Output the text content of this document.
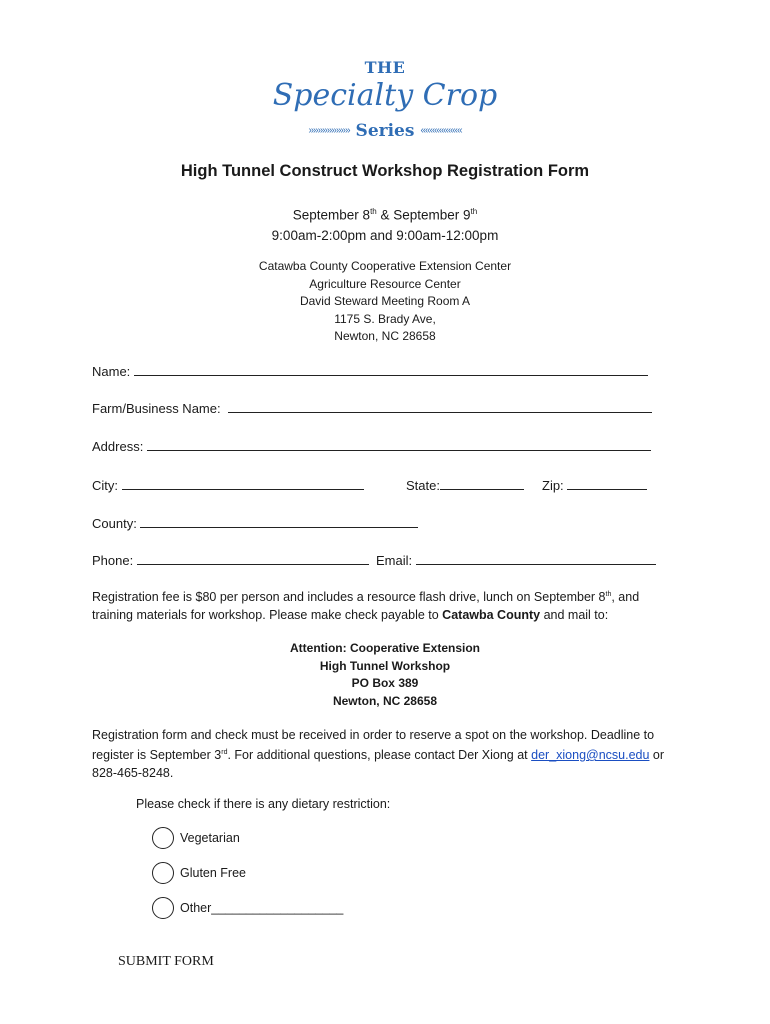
THE
Specialty Crop
»»»»»»»»» Series «««««««««
High Tunnel Construct Workshop Registration Form
September 8th & September 9th
9:00am-2:00pm and 9:00am-12:00pm
Catawba County Cooperative Extension Center
Agriculture Resource Center
David Steward Meeting Room A
1175 S. Brady Ave,
Newton, NC 28658
Name:
Farm/Business Name:
Address:
City:	State:	Zip:
County:
Phone:	Email:
Registration fee is $80 per person and includes a resource flash drive, lunch on September 8th, and training materials for workshop. Please make check payable to Catawba County and mail to:
Attention: Cooperative Extension
High Tunnel Workshop
PO Box 389
Newton, NC 28658
Registration form and check must be received in order to reserve a spot on the workshop. Deadline to register is September 3rd. For additional questions, please contact Der Xiong at der_xiong@ncsu.edu or 828-465-8248.
Please check if there is any dietary restriction:
Vegetarian
Gluten Free
Other___________________
SUBMIT FORM
